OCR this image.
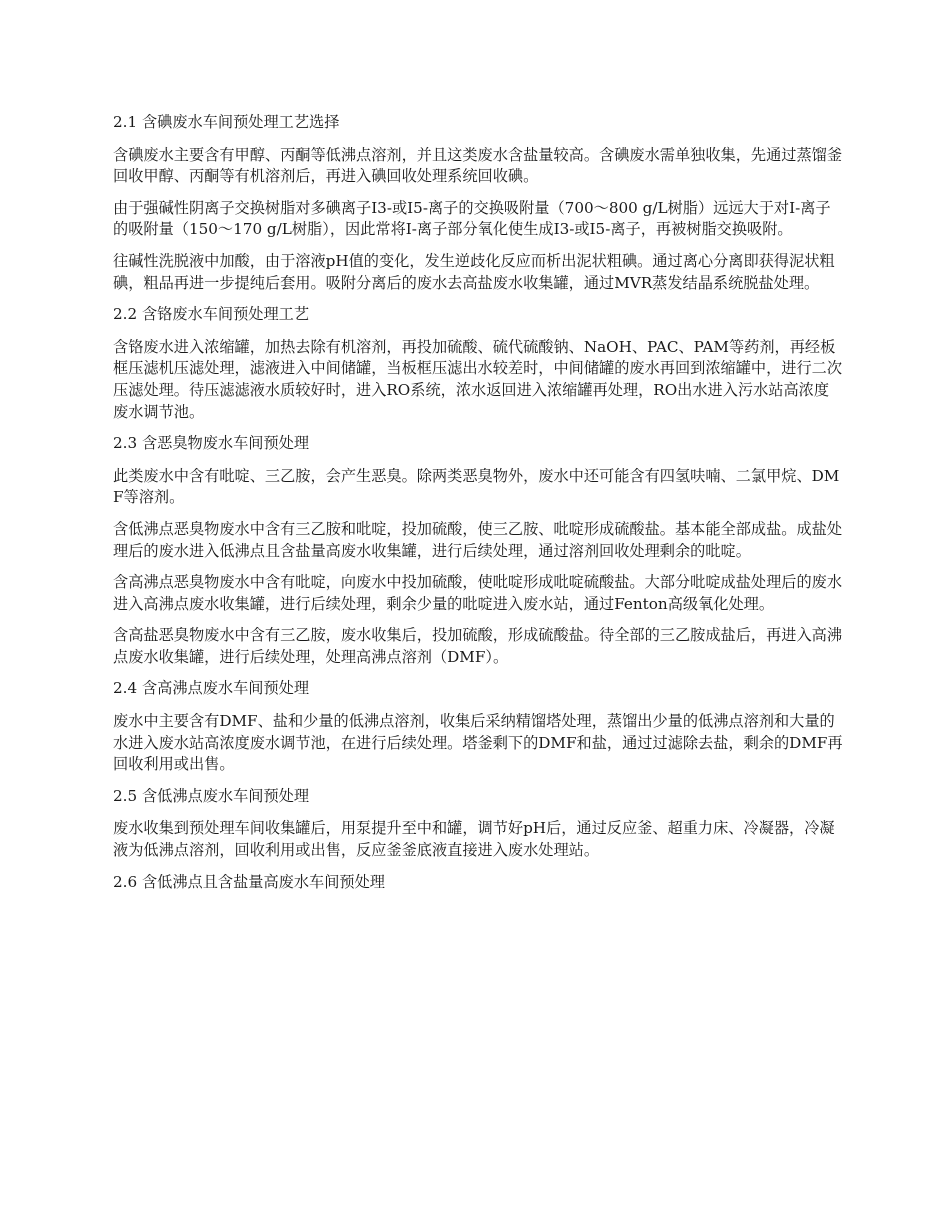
2.1 含碘废水车间预处理工艺选择
含碘废水主要含有甲醇、丙酮等低沸点溶剂，并且这类废水含盐量较高。含碘废水需单独收集，先通过蒸馏釜回收甲醇、丙酮等有机溶剂后，再进入碘回收处理系统回收碘。
由于强碱性阴离子交换树脂对多碘离子I3-或I5-离子的交换吸附量（700～800 g/L树脂）远远大于对I-离子的吸附量（150～170 g/L树脂），因此常将I-离子部分氧化使生成I3-或I5-离子，再被树脂交换吸附。
往碱性洗脱液中加酸，由于溶液pH值的变化，发生逆歧化反应而析出泥状粗碘。通过离心分离即获得泥状粗碘，粗品再进一步提纯后套用。吸附分离后的废水去高盐废水收集罐，通过MVR蒸发结晶系统脱盐处理。
2.2 含铬废水车间预处理工艺
含铬废水进入浓缩罐，加热去除有机溶剂，再投加硫酸、硫代硫酸钠、NaOH、PAC、PAM等药剂，再经板框压滤机压滤处理，滤液进入中间储罐，当板框压滤出水较差时，中间储罐的废水再回到浓缩罐中，进行二次压滤处理。待压滤滤液水质较好时，进入RO系统，浓水返回进入浓缩罐再处理，RO出水进入污水站高浓度废水调节池。
2.3 含恶臭物废水车间预处理
此类废水中含有吡啶、三乙胺，会产生恶臭。除两类恶臭物外，废水中还可能含有四氢呋喃、二氯甲烷、DMF等溶剂。
含低沸点恶臭物废水中含有三乙胺和吡啶，投加硫酸，使三乙胺、吡啶形成硫酸盐。基本能全部成盐。成盐处理后的废水进入低沸点且含盐量高废水收集罐，进行后续处理，通过溶剂回收处理剩余的吡啶。
含高沸点恶臭物废水中含有吡啶，向废水中投加硫酸，使吡啶形成吡啶硫酸盐。大部分吡啶成盐处理后的废水进入高沸点废水收集罐，进行后续处理，剩余少量的吡啶进入废水站，通过Fenton高级氧化处理。
含高盐恶臭物废水中含有三乙胺，废水收集后，投加硫酸，形成硫酸盐。待全部的三乙胺成盐后，再进入高沸点废水收集罐，进行后续处理，处理高沸点溶剂（DMF）。
2.4 含高沸点废水车间预处理
废水中主要含有DMF、盐和少量的低沸点溶剂，收集后采纳精馏塔处理，蒸馏出少量的低沸点溶剂和大量的水进入废水站高浓度废水调节池，在进行后续处理。塔釜剩下的DMF和盐，通过过滤除去盐，剩余的DMF再回收利用或出售。
2.5 含低沸点废水车间预处理
废水收集到预处理车间收集罐后，用泵提升至中和罐，调节好pH后，通过反应釜、超重力床、冷凝器，冷凝液为低沸点溶剂，回收利用或出售，反应釜釜底液直接进入废水处理站。
2.6 含低沸点且含盐量高废水车间预处理
